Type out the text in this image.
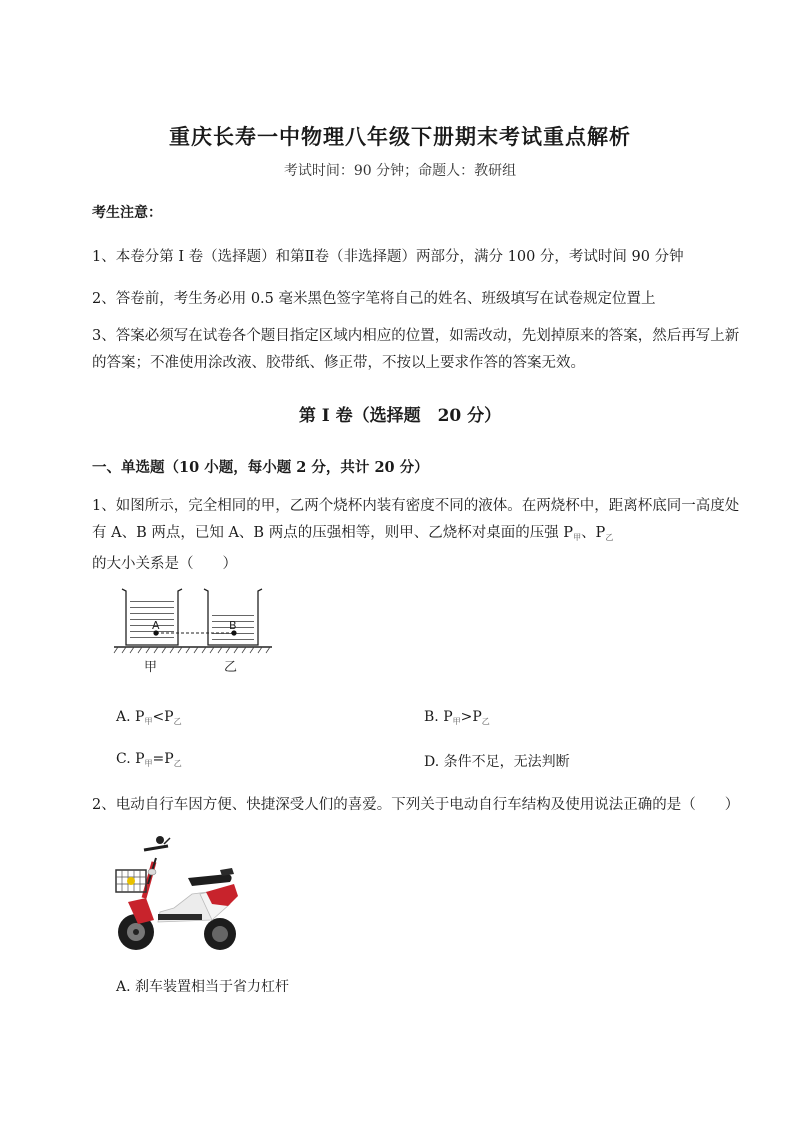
重庆长寿一中物理八年级下册期末考试重点解析
考试时间：90 分钟；命题人：教研组
考生注意：
1、本卷分第 I 卷（选择题）和第Ⅱ卷（非选择题）两部分，满分 100 分，考试时间 90 分钟
2、答卷前，考生务必用 0.5 毫米黑色签字笔将自己的姓名、班级填写在试卷规定位置上
3、答案必须写在试卷各个题目指定区域内相应的位置，如需改动，先划掉原来的答案，然后再写上新的答案；不准使用涂改液、胶带纸、修正带，不按以上要求作答的答案无效。
第 I 卷（选择题　20 分）
一、单选题（10 小题，每小题 2 分，共计 20 分）
1、如图所示，完全相同的甲，乙两个烧杯内装有密度不同的液体。在两烧杯中，距离杯底同一高度处有 A、B 两点，已知 A、B 两点的压强相等，则甲、乙烧杯对桌面的压强 $P_甲$、$P_乙$的大小关系是（　　）
A	B
甲	乙
A. $P_甲<P_乙$	B. $P_甲>P_乙$
C. $P_甲=P_乙$	D. 条件不足，无法判断
2、电动自行车因方便、快捷深受人们的喜爱。下列关于电动自行车结构及使用说法正确的是（　　）
A. 刹车装置相当于省力杠杆
